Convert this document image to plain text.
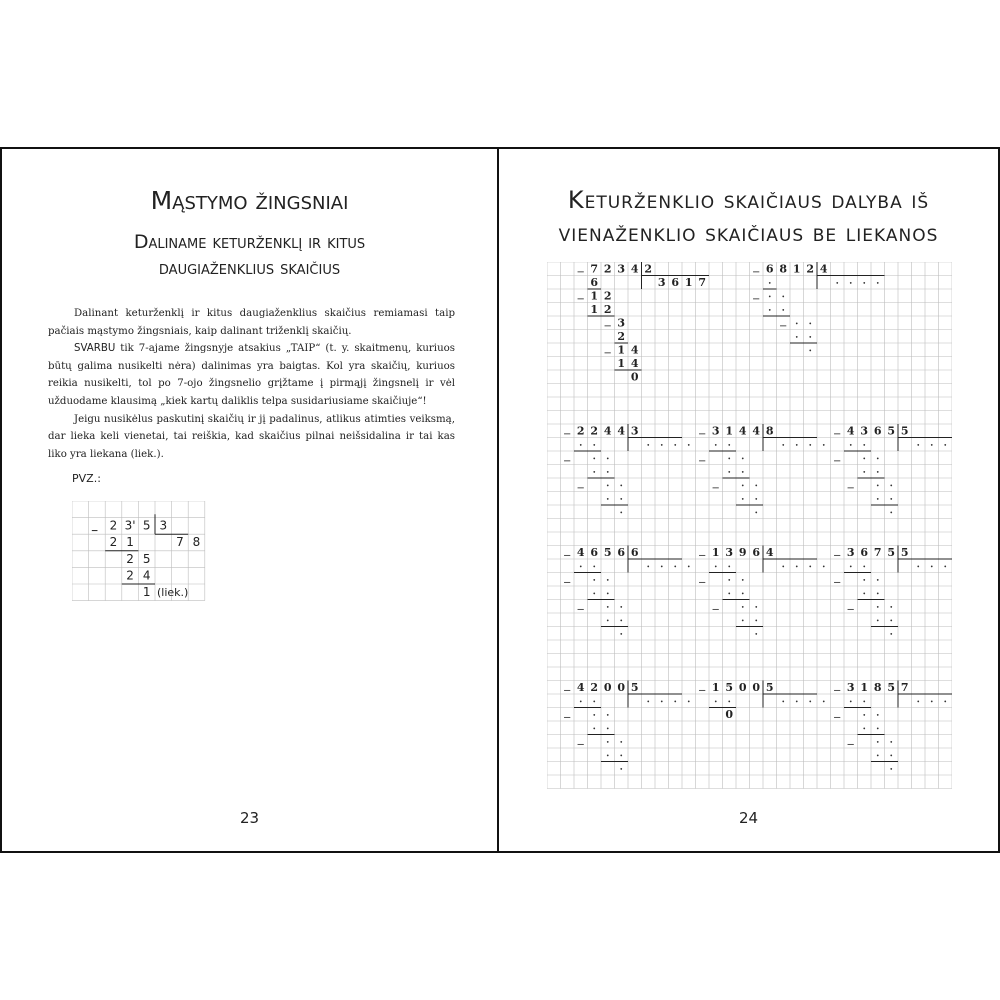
Mąstymo žingsniai
Daliname keturženklį ir kitus
daugiaženklius skaičius

Dalinant keturženklį ir kitus daugiaženklius skaičius remiamasi taip pačiais mąstymo žingsniais, kaip dalinant triženklį skaičių.

SVARBU tik 7-ajame žingsnyje atsakius „TAIP“ (t. y. skaitmenų, kuriuos būtų galima nusikelti nėra) dalinimas yra baigtas. Kol yra skaičių, kuriuos reikia nusikelti, tol po 7-ojo žingsnelio grįžtame į pirmąjį žingsnelį ir vėl užduodame klausimą „kiek kartų daliklis telpa susidariusiame skaičiuje“!

Jeigu nusikėlus paskutinį skaičių ir jį padalinus, atlikus atimties veiksmą, dar lieka keli vienetai, tai reiškia, kad skaičius pilnai neišsidalina ir tai kas liko yra liekana (liek.).

PVZ.:
2 3' 5 3
−
7 8
2 1
2 5
2 4
1 (liek.)
23
Keturženklio skaičiaus dalyba iš
vienaženklio skaičiaus be liekanos
7 2 3 4
−	2
3 6 1 7
6
− 1 2
1 2
− 3
2
− 1 4
1 4
0
6 8 1 2
−	4
−
−
2 2 4 4
−	3
−
−
3 1 4 4
−	8
−
−
4 3 6 5
−	5
−
−
4 6 5 6
−	6
−
−
1 3 9 6
−	4
−
−
3 6 7 5
−	5
−
−
4 2 0 0
−	5
−
−
1 5 0 0
−	5
0
3 1 8 5
−	7
−
−
24
